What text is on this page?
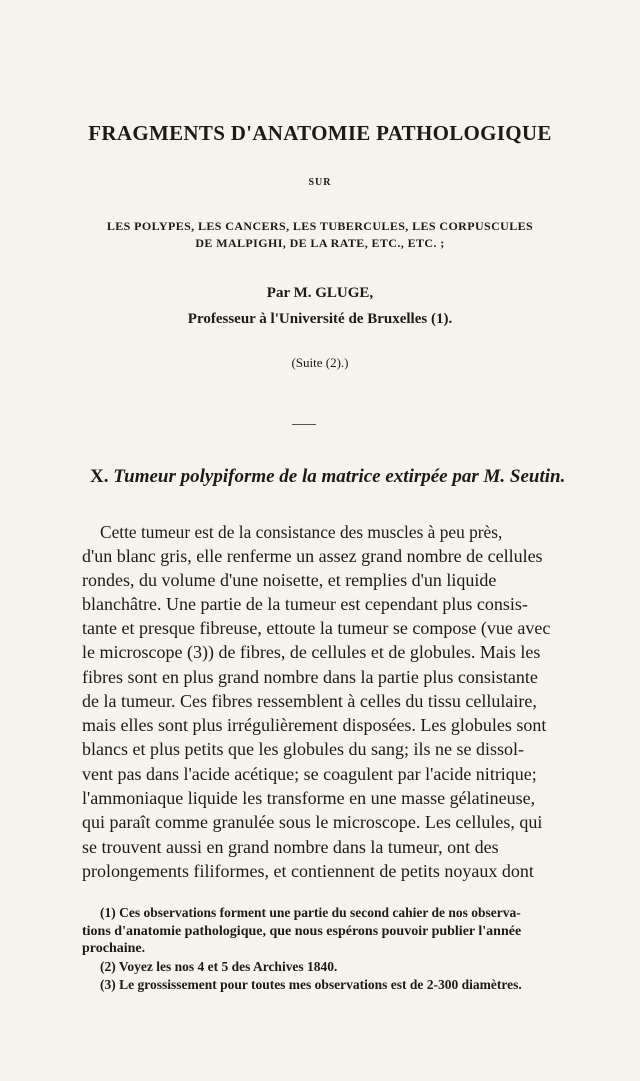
FRAGMENTS D'ANATOMIE PATHOLOGIQUE
SUR
LES POLYPES, LES CANCERS, LES TUBERCULES, LES CORPUSCULES
DE MALPIGHI, DE LA RATE, ETC., ETC. ;
Par M. GLUGE,
Professeur à l'Université de Bruxelles (1).
(Suite (2).)
X. Tumeur polypiforme de la matrice extirpée par M. Seutin.
Cette tumeur est de la consistance des muscles à peu près,
d'un blanc gris, elle renferme un assez grand nombre de cellules
rondes, du volume d'une noisette, et remplies d'un liquide
blanchâtre. Une partie de la tumeur est cependant plus consis-
tante et presque fibreuse, ettoute la tumeur se compose (vue avec
le microscope (3)) de fibres, de cellules et de globules. Mais les
fibres sont en plus grand nombre dans la partie plus consistante
de la tumeur. Ces fibres ressemblent à celles du tissu cellulaire,
mais elles sont plus irrégulièrement disposées. Les globules sont
blancs et plus petits que les globules du sang; ils ne se dissol-
vent pas dans l'acide acétique; se coagulent par l'acide nitrique;
l'ammoniaque liquide les transforme en une masse gélatineuse,
qui paraît comme granulée sous le microscope. Les cellules, qui
se trouvent aussi en grand nombre dans la tumeur, ont des
prolongements filiformes, et contiennent de petits noyaux dont
(1) Ces observations forment une partie du second cahier de nos observa-
tions d'anatomie pathologique, que nous espérons pouvoir publier l'année
prochaine.
(2) Voyez les nos 4 et 5 des Archives 1840.
(3) Le grossissement pour toutes mes observations est de 2-300 diamètres.
